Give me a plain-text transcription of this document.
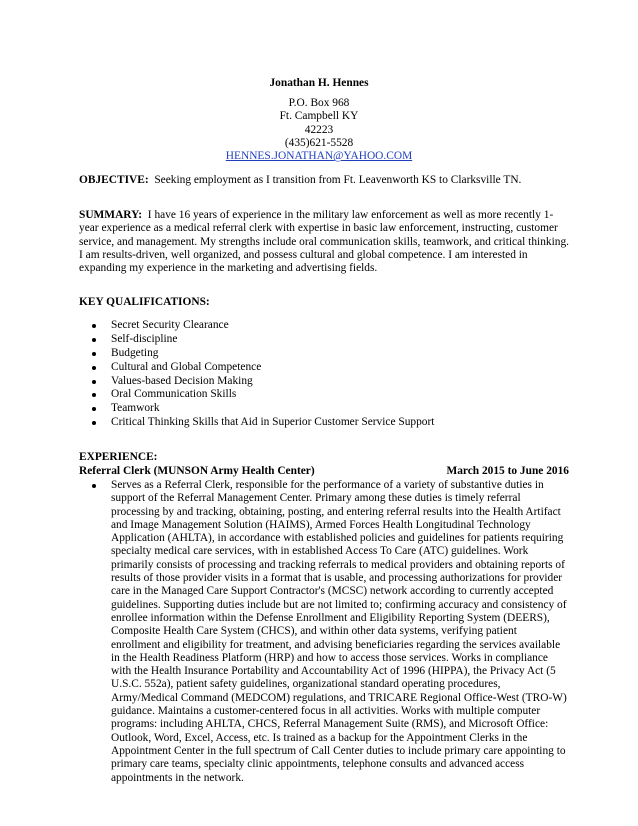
Jonathan H. Hennes
P.O. Box 968
Ft. Campbell KY
42223
(435)621-5528
HENNES.JONATHAN@YAHOO.COM
OBJECTIVE: Seeking employment as I transition from Ft. Leavenworth KS to Clarksville TN.
SUMMARY: I have 16 years of experience in the military law enforcement as well as more recently 1-year experience as a medical referral clerk with expertise in basic law enforcement, instructing, customer service, and management. My strengths include oral communication skills, teamwork, and critical thinking. I am results-driven, well organized, and possess cultural and global competence. I am interested in expanding my experience in the marketing and advertising fields.
KEY QUALIFICATIONS:
Secret Security Clearance
Self-discipline
Budgeting
Cultural and Global Competence
Values-based Decision Making
Oral Communication Skills
Teamwork
Critical Thinking Skills that Aid in Superior Customer Service Support
EXPERIENCE:
Referral Clerk (MUNSON Army Health Center)	March 2015 to June 2016
Serves as a Referral Clerk, responsible for the performance of a variety of substantive duties in support of the Referral Management Center. Primary among these duties is timely referral processing by and tracking, obtaining, posting, and entering referral results into the Health Artifact and Image Management Solution (HAIMS), Armed Forces Health Longitudinal Technology Application (AHLTA), in accordance with established policies and guidelines for patients requiring specialty medical care services, with in established Access To Care (ATC) guidelines. Work primarily consists of processing and tracking referrals to medical providers and obtaining reports of results of those provider visits in a format that is usable, and processing authorizations for provider care in the Managed Care Support Contractor's (MCSC) network according to currently accepted guidelines. Supporting duties include but are not limited to; confirming accuracy and consistency of enrollee information within the Defense Enrollment and Eligibility Reporting System (DEERS), Composite Health Care System (CHCS), and within other data systems, verifying patient enrollment and eligibility for treatment, and advising beneficiaries regarding the services available in the Health Readiness Platform (HRP) and how to access those services. Works in compliance with the Health Insurance Portability and Accountability Act of 1996 (HIPPA), the Privacy Act (5 U.S.C. 552a), patient safety guidelines, organizational standard operating procedures, Army/Medical Command (MEDCOM) regulations, and TRICARE Regional Office-West (TRO-W) guidance. Maintains a customer-centered focus in all activities. Works with multiple computer programs: including AHLTA, CHCS, Referral Management Suite (RMS), and Microsoft Office: Outlook, Word, Excel, Access, etc. Is trained as a backup for the Appointment Clerks in the Appointment Center in the full spectrum of Call Center duties to include primary care appointing to primary care teams, specialty clinic appointments, telephone consults and advanced access appointments in the network.
